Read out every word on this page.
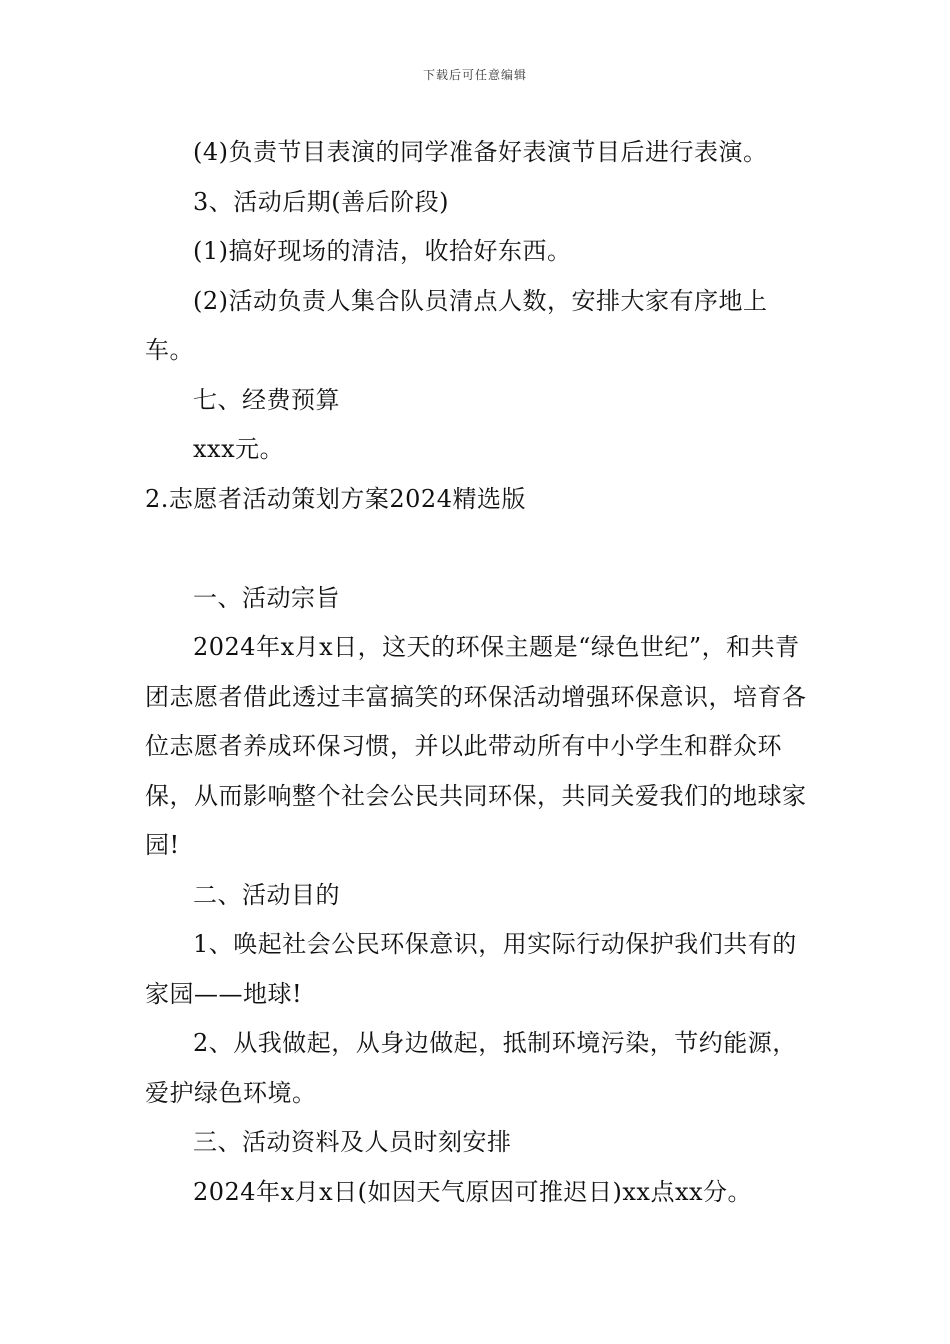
下载后可任意编辑

(4)负责节目表演的同学准备好表演节目后进行表演。

3、活动后期(善后阶段)

(1)搞好现场的清洁，收拾好东西。

(2)活动负责人集合队员清点人数，安排大家有序地上车。

七、经费预算

xxx元。

2.志愿者活动策划方案2024精选版

一、活动宗旨

2024年x月x日，这天的环保主题是“绿色世纪”，和共青团志愿者借此透过丰富搞笑的环保活动增强环保意识，培育各位志愿者养成环保习惯，并以此带动所有中小学生和群众环保，从而影响整个社会公民共同环保，共同关爱我们的地球家园!

二、活动目的

1、唤起社会公民环保意识，用实际行动保护我们共有的家园——地球!

2、从我做起，从身边做起，抵制环境污染，节约能源，爱护绿色环境。

三、活动资料及人员时刻安排

2024年x月x日(如因天气原因可推迟日)xx点xx分。
